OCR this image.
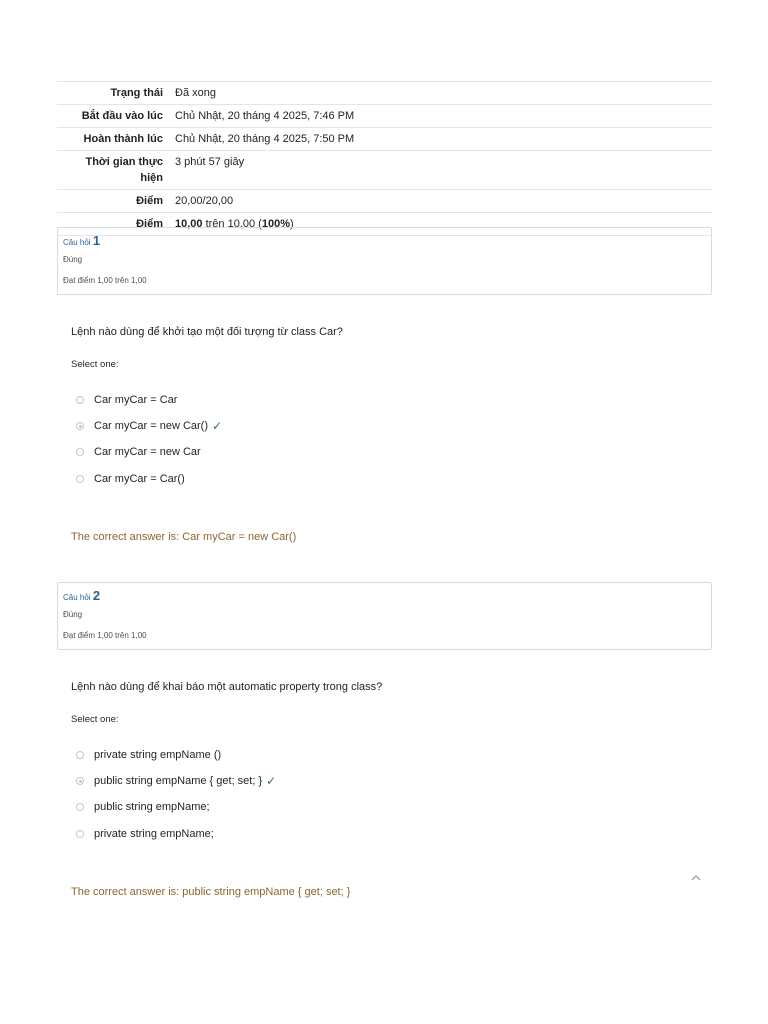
Trạng thái	Đã xong
Bắt đầu vào lúc	Chủ Nhật, 20 tháng 4 2025, 7:46 PM
Hoàn thành lúc	Chủ Nhật, 20 tháng 4 2025, 7:50 PM
Thời gian thực
hiện	3 phút 57 giây
Điểm	20,00/20,00
Điểm	10,00 trên 10,00 (100%)
Câu hỏi 1
Đúng
Đạt điểm 1,00 trên 1,00
Lệnh nào dùng để khởi tạo một đối tượng từ class Car?
Select one:
Car myCar = Car
Car myCar = new Car() ✓
Car myCar = new Car
Car myCar = Car()
The correct answer is: Car myCar = new Car()
Câu hỏi 2
Đúng
Đạt điểm 1,00 trên 1,00
Lệnh nào dùng để khai báo một automatic property trong class?
Select one:
private string empName ()
public string empName { get; set; } ✓
public string empName;
private string empName;
The correct answer is: public string empName { get; set; }
